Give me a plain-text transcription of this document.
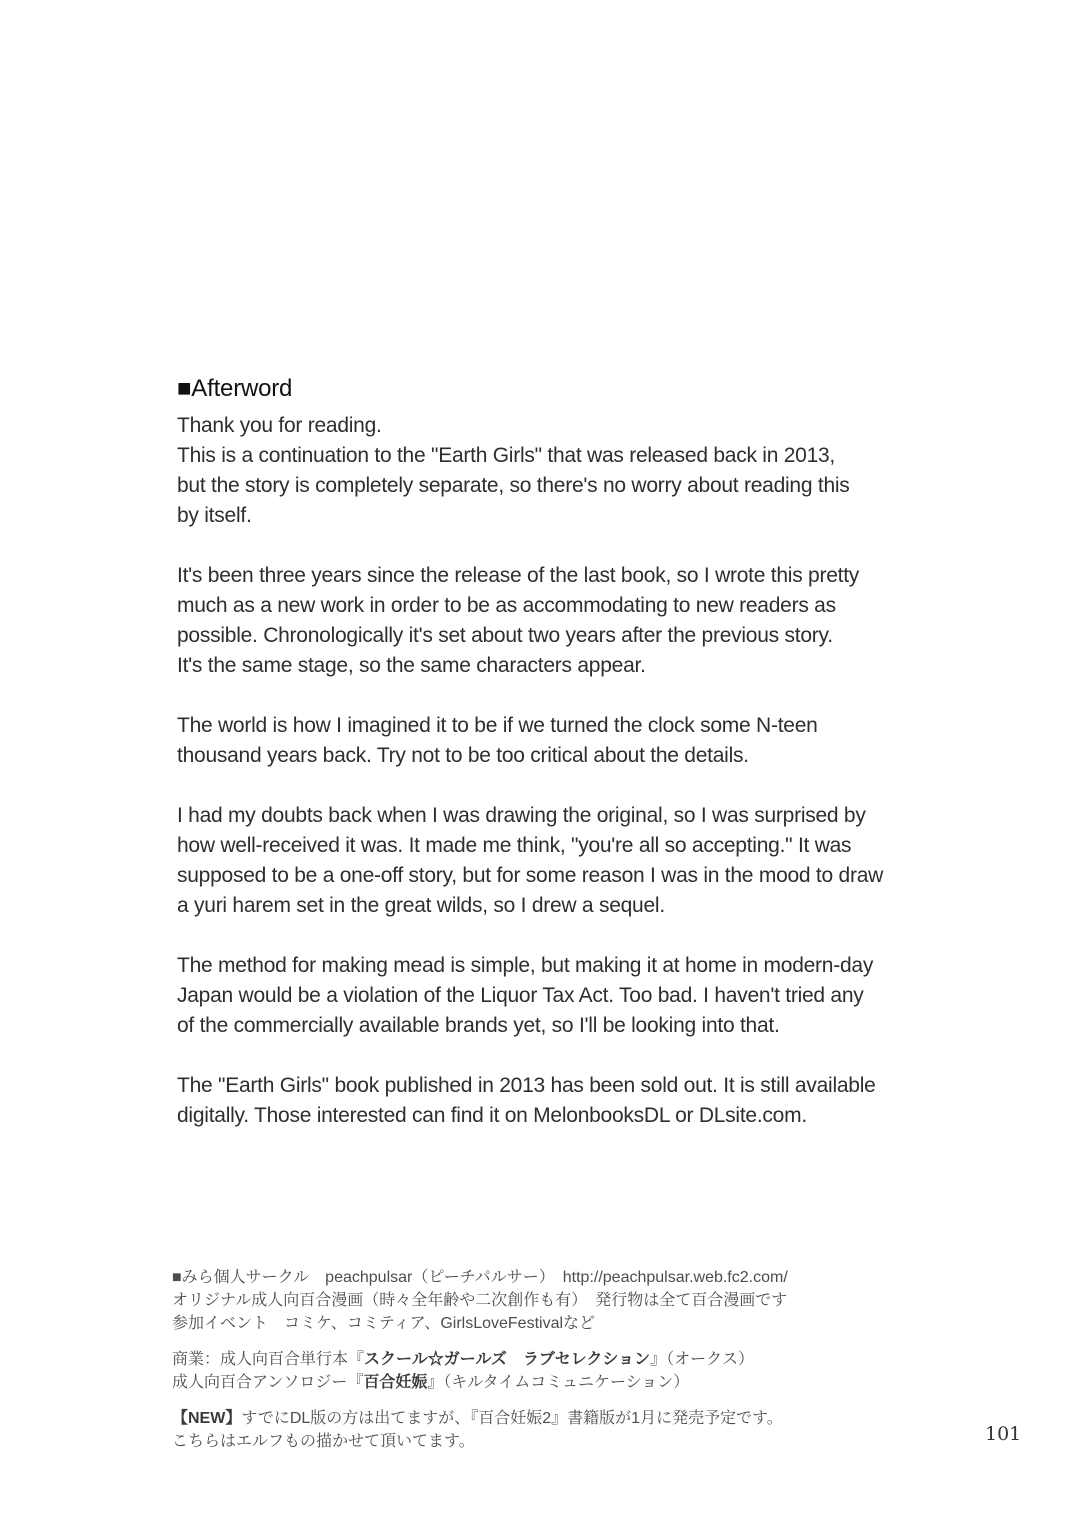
■Afterword
Thank you for reading.
This is a continuation to the "Earth Girls" that was released back in 2013,
but the story is completely separate, so there's no worry about reading this
by itself.
It's been three years since the release of the last book, so I wrote this pretty
much as a new work in order to be as accommodating to new readers as
possible. Chronologically it's set about two years after the previous story.
It's the same stage, so the same characters appear.
The world is how I imagined it to be if we turned the clock some N-teen
thousand years back. Try not to be too critical about the details.
I had my doubts back when I was drawing the original, so I was surprised by
how well-received it was. It made me think, "you're all so accepting." It was
supposed to be a one-off story, but for some reason I was in the mood to draw
a yuri harem set in the great wilds, so I drew a sequel.
The method for making mead is simple, but making it at home in modern-day
Japan would be a violation of the Liquor Tax Act. Too bad. I haven't tried any
of the commercially available brands yet, so I'll be looking into that.
The "Earth Girls" book published in 2013 has been sold out. It is still available
digitally. Those interested can find it on MelonbooksDL or DLsite.com.
■みら個人サークル　peachpulsar（ピーチパルサー）　http://peachpulsar.web.fc2.com/
オリジナル成人向百合漫画（時々全年齢や二次創作も有）　発行物は全て百合漫画です
参加イベント　コミケ、コミティア、GirlsLoveFestivalなど
商業：成人向百合単行本『スクール☆ガールズ　ラブセレクション』（オークス）
成人向百合アンソロジー『百合妊娠』（キルタイムコミュニケーション）
【NEW】すでにDL版の方は出てますが、『百合妊娠2』書籍版が1月に発売予定です。
こちらはエルフもの描かせて頂いてます。	101
